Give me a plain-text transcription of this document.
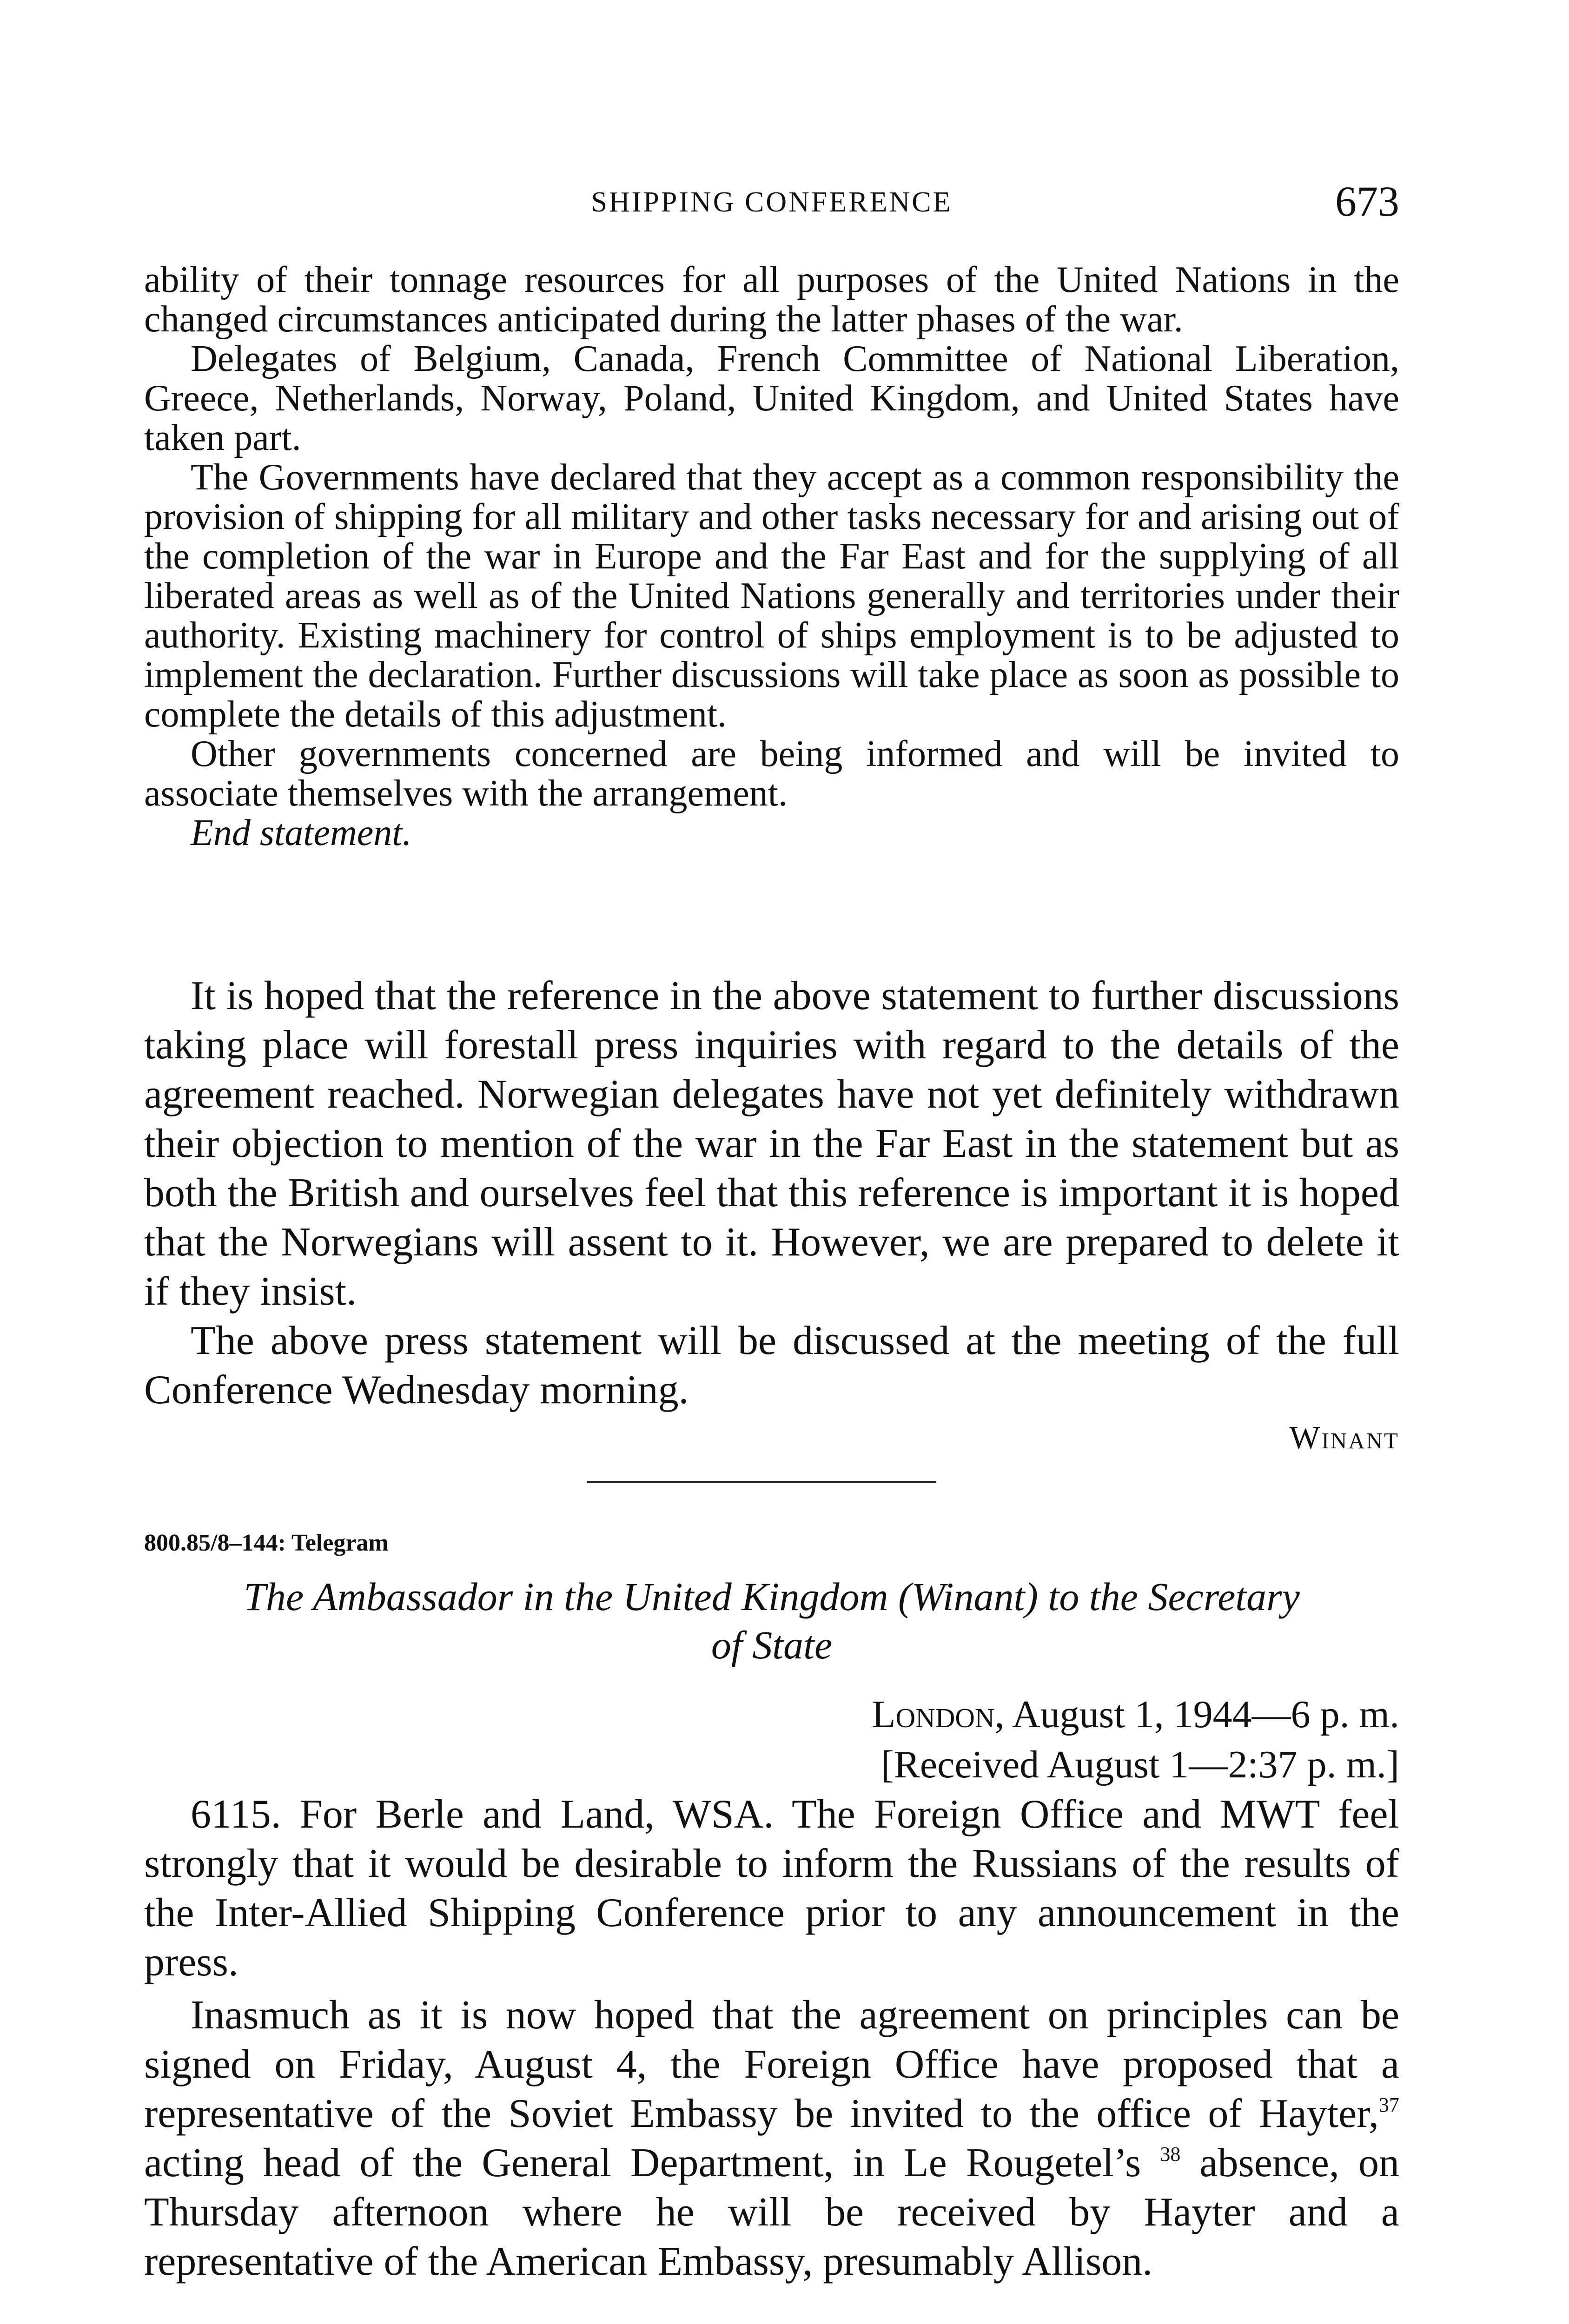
SHIPPING CONFERENCE	673

ability of their tonnage resources for all purposes of the United Nations in the changed circumstances anticipated during the latter phases of the war.

Delegates of Belgium, Canada, French Committee of National Liberation, Greece, Netherlands, Norway, Poland, United Kingdom, and United States have taken part.

The Governments have declared that they accept as a common responsibility the provision of shipping for all military and other tasks necessary for and arising out of the completion of the war in Europe and the Far East and for the supplying of all liberated areas as well as of the United Nations generally and territories under their authority. Existing machinery for control of ships employment is to be adjusted to implement the declaration. Further discussions will take place as soon as possible to complete the details of this adjustment.

Other governments concerned are being informed and will be invited to associate themselves with the arrangement.

End statement.

It is hoped that the reference in the above statement to further discussions taking place will forestall press inquiries with regard to the details of the agreement reached. Norwegian delegates have not yet definitely withdrawn their objection to mention of the war in the Far East in the statement but as both the British and ourselves feel that this reference is important it is hoped that the Norwegians will assent to it. However, we are prepared to delete it if they insist.

The above press statement will be discussed at the meeting of the full Conference Wednesday morning.

Winant
800.85/8–144: Telegram
The Ambassador in the United Kingdom (Winant) to the Secretary
of State
London, August 1, 1944—6 p. m.
[Received August 1—2:37 p. m.]

6115. For Berle and Land, WSA. The Foreign Office and MWT feel strongly that it would be desirable to inform the Russians of the results of the Inter-Allied Shipping Conference prior to any announcement in the press.

Inasmuch as it is now hoped that the agreement on principles can be signed on Friday, August 4, the Foreign Office have proposed that a representative of the Soviet Embassy be invited to the office of Hayter,$^{37}$ acting head of the General Department, in Le Rougetel’s $^{38}$ absence, on Thursday afternoon where he will be received by Hayter and a representative of the American Embassy, presumably Allison.
